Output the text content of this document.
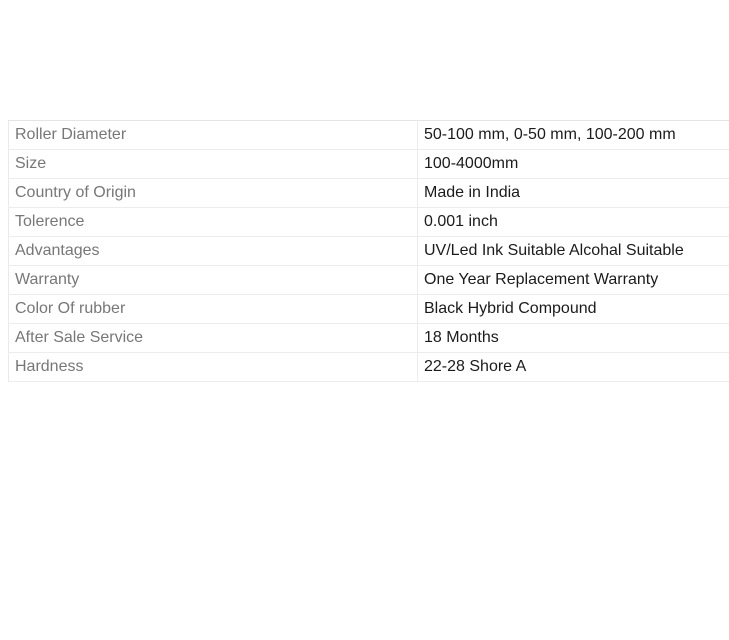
Roller Diameter	50-100 mm, 0-50 mm, 100-200 mm
Size	100-4000mm
Country of Origin	Made in India
Tolerence	0.001 inch
Advantages	UV/Led Ink Suitable Alcohal Suitable
Warranty	One Year Replacement Warranty
Color Of rubber	Black Hybrid Compound
After Sale Service	18 Months
Hardness	22-28 Shore A
